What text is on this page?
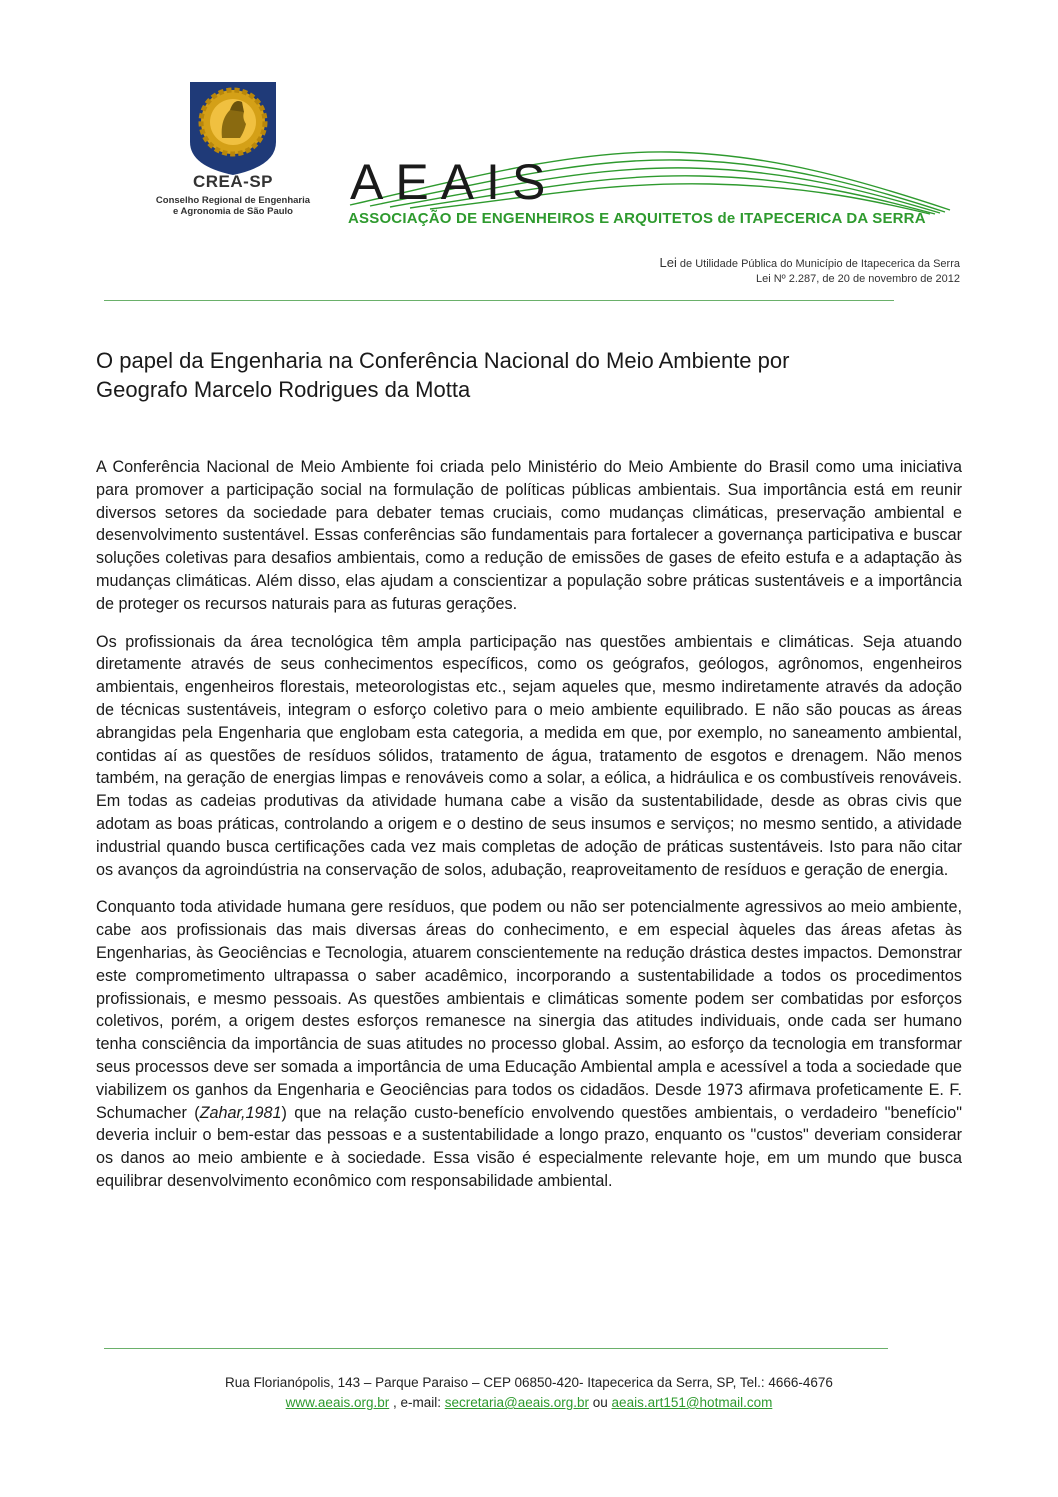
CREA-SP
Conselho Regional de Engenharia
e Agronomia de São Paulo
AEAIS
ASSOCIAÇÃO DE ENGENHEIROS E ARQUITETOS de ITAPECERICA DA SERRA
Lei de Utilidade Pública do Município de Itapecerica da Serra
Lei Nº 2.287, de 20 de novembro de 2012
O papel da Engenharia na Conferência Nacional do Meio Ambiente por
Geografo Marcelo Rodrigues da Motta

A Conferência Nacional de Meio Ambiente foi criada pelo Ministério do Meio Ambiente do Brasil como uma iniciativa para promover a participação social na formulação de políticas públicas ambientais. Sua importância está em reunir diversos setores da sociedade para debater temas cruciais, como mudanças climáticas, preservação ambiental e desenvolvimento sustentável. Essas conferências são fundamentais para fortalecer a governança participativa e buscar soluções coletivas para desafios ambientais, como a redução de emissões de gases de efeito estufa e a adaptação às mudanças climáticas. Além disso, elas ajudam a conscientizar a população sobre práticas sustentáveis e a importância de proteger os recursos naturais para as futuras gerações.

Os profissionais da área tecnológica têm ampla participação nas questões ambientais e climáticas. Seja atuando diretamente através de seus conhecimentos específicos, como os geógrafos, geólogos, agrônomos, engenheiros ambientais, engenheiros florestais, meteorologistas etc., sejam aqueles que, mesmo indiretamente através da adoção de técnicas sustentáveis, integram o esforço coletivo para o meio ambiente equilibrado. E não são poucas as áreas abrangidas pela Engenharia que englobam esta categoria, a medida em que, por exemplo, no saneamento ambiental, contidas aí as questões de resíduos sólidos, tratamento de água, tratamento de esgotos e drenagem. Não menos também, na geração de energias limpas e renováveis como a solar, a eólica, a hidráulica e os combustíveis renováveis. Em todas as cadeias produtivas da atividade humana cabe a visão da sustentabilidade, desde as obras civis que adotam as boas práticas, controlando a origem e o destino de seus insumos e serviços; no mesmo sentido, a atividade industrial quando busca certificações cada vez mais completas de adoção de práticas sustentáveis. Isto para não citar os avanços da agroindústria na conservação de solos, adubação, reaproveitamento de resíduos e geração de energia.

Conquanto toda atividade humana gere resíduos, que podem ou não ser potencialmente agressivos ao meio ambiente, cabe aos profissionais das mais diversas áreas do conhecimento, e em especial àqueles das áreas afetas às Engenharias, às Geociências e Tecnologia, atuarem conscientemente na redução drástica destes impactos. Demonstrar este comprometimento ultrapassa o saber acadêmico, incorporando a sustentabilidade a todos os procedimentos profissionais, e mesmo pessoais. As questões ambientais e climáticas somente podem ser combatidas por esforços coletivos, porém, a origem destes esforços remanesce na sinergia das atitudes individuais, onde cada ser humano tenha consciência da importância de suas atitudes no processo global. Assim, ao esforço da tecnologia em transformar seus processos deve ser somada a importância de uma Educação Ambiental ampla e acessível a toda a sociedade que viabilizem os ganhos da Engenharia e Geociências para todos os cidadãos. Desde 1973 afirmava profeticamente E. F. Schumacher (Zahar,1981) que na relação custo-benefício envolvendo questões ambientais, o verdadeiro "benefício" deveria incluir o bem-estar das pessoas e a sustentabilidade a longo prazo, enquanto os "custos" deveriam considerar os danos ao meio ambiente e à sociedade. Essa visão é especialmente relevante hoje, em um mundo que busca equilibrar desenvolvimento econômico com responsabilidade ambiental.

Rua Florianópolis, 143 – Parque Paraiso – CEP 06850-420- Itapecerica da Serra, SP, Tel.: 4666-4676
www.aeais.org.br , e-mail: secretaria@aeais.org.br ou aeais.art151@hotmail.com
